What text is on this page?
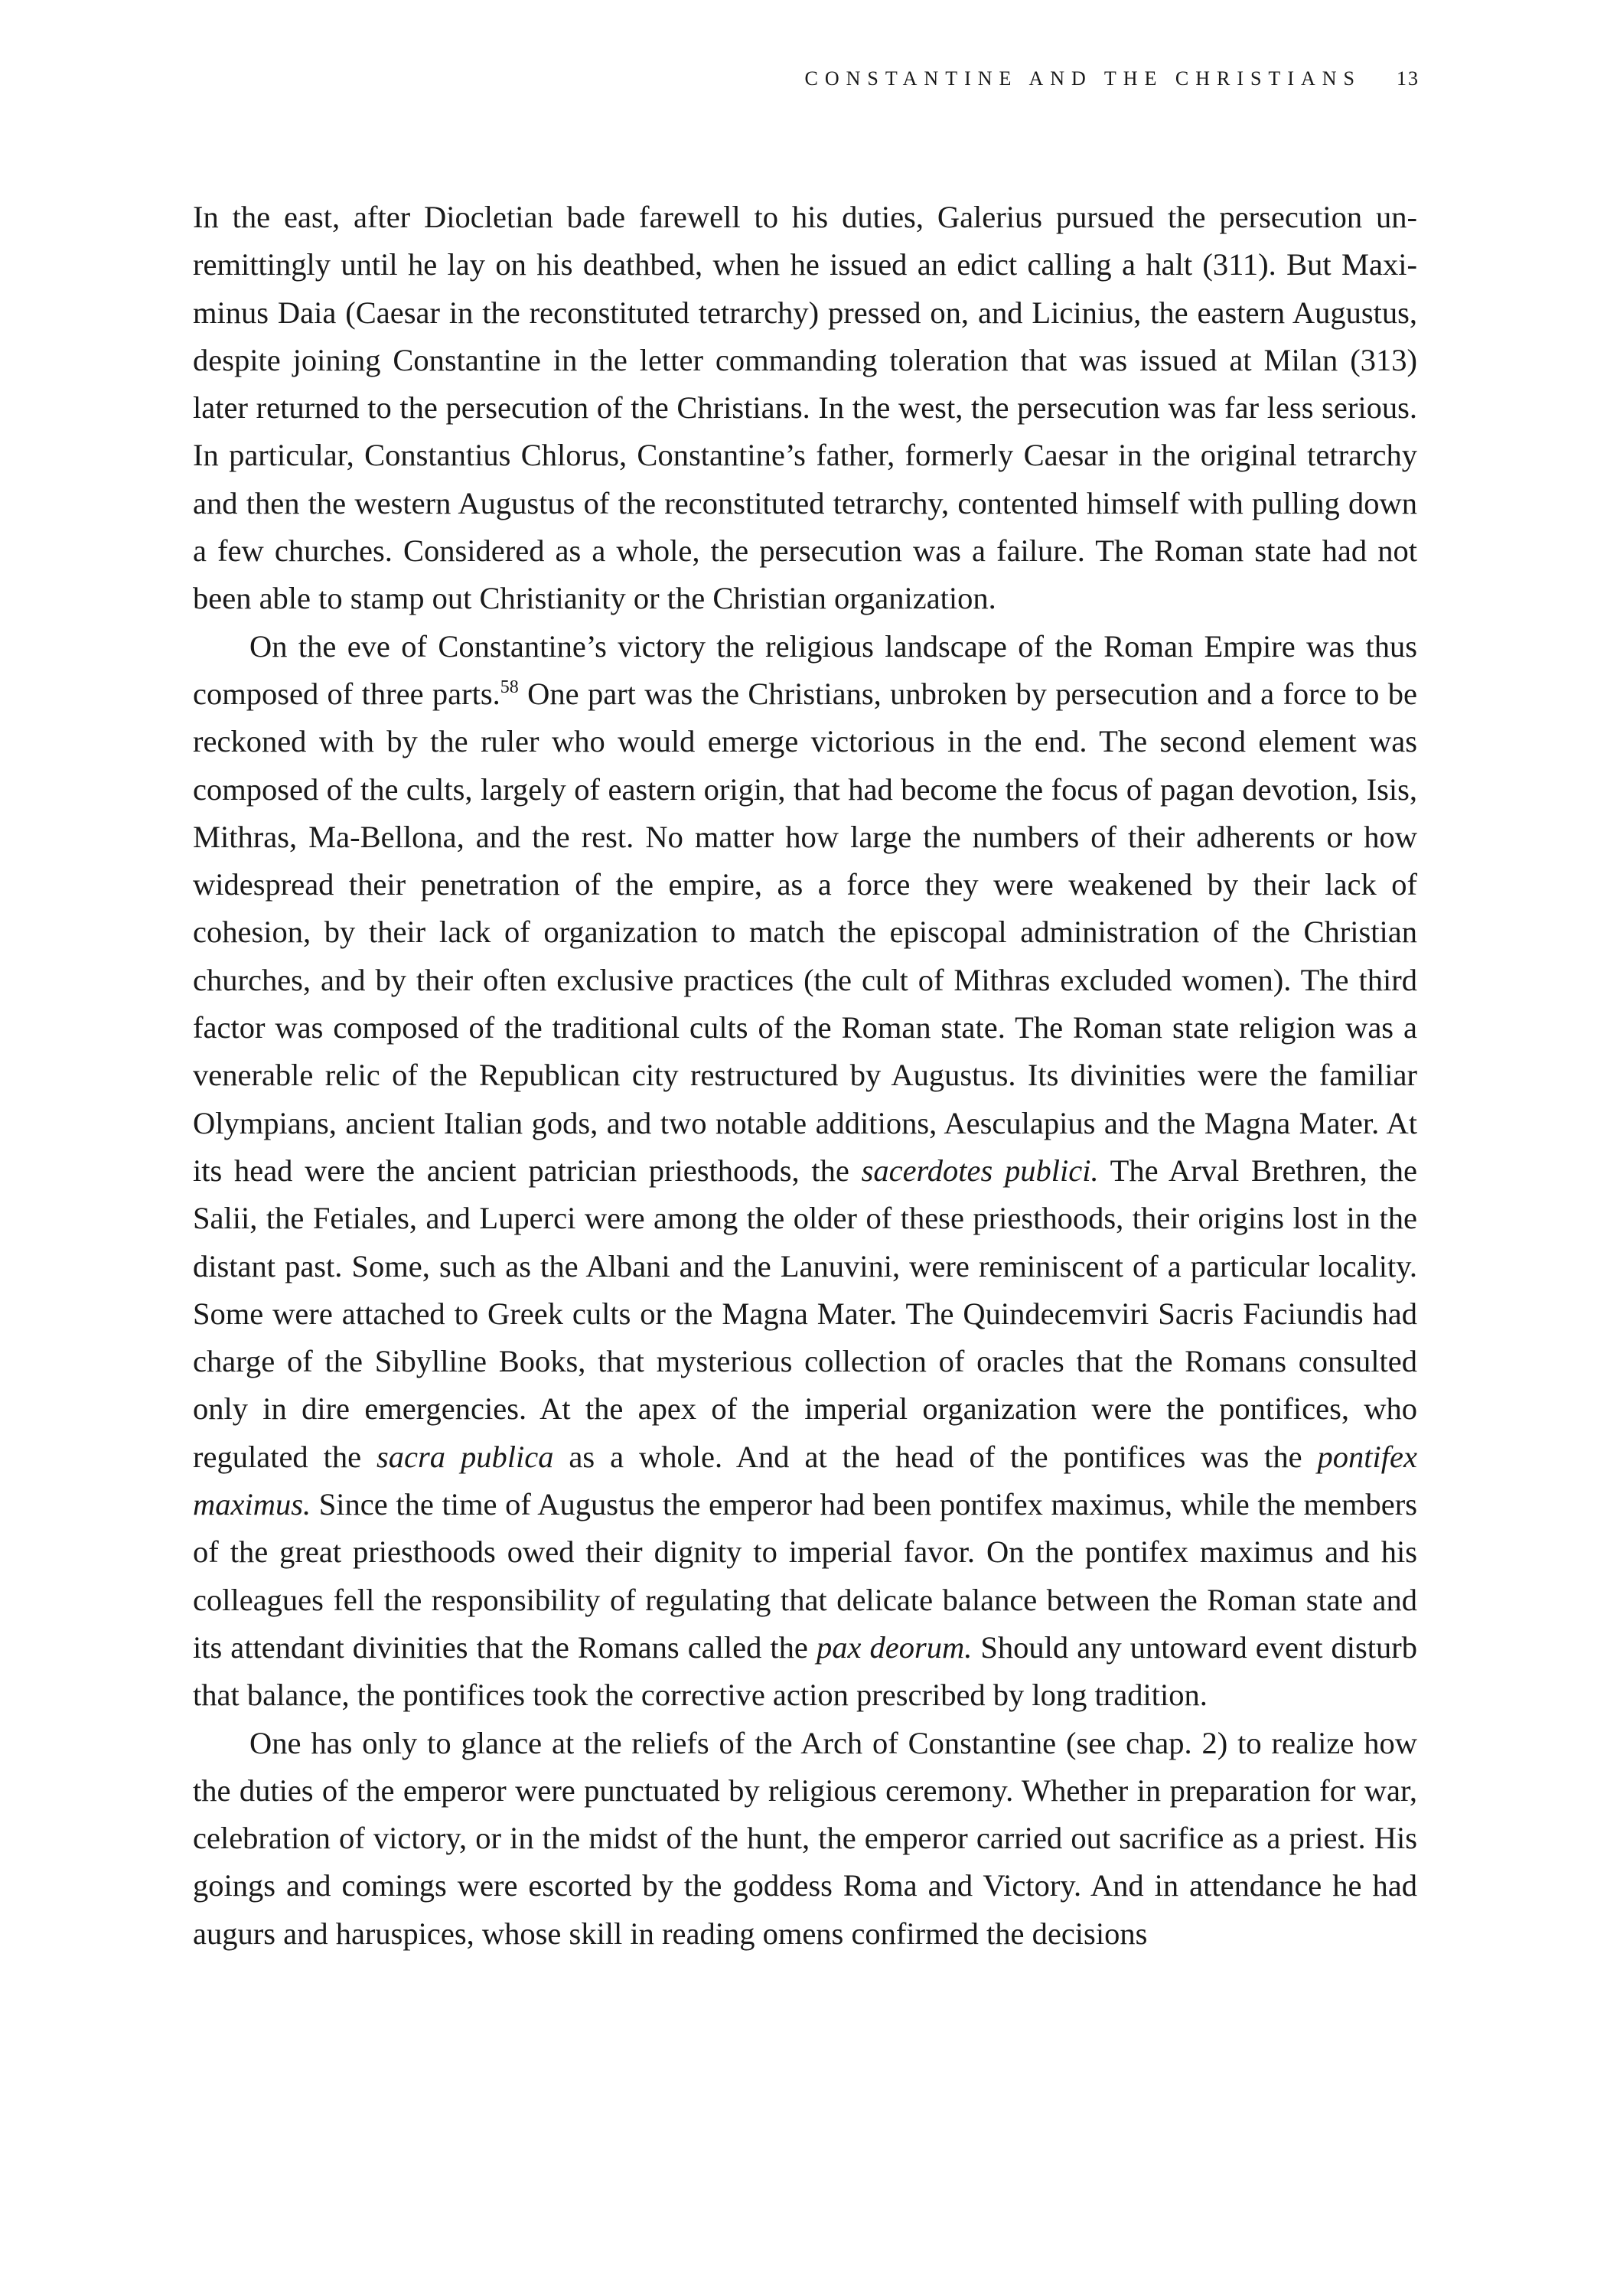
CONSTANTINE AND THE CHRISTIANS 13

In the east, after Diocletian bade farewell to his duties, Galerius pursued the persecution unremittingly until he lay on his deathbed, when he issued an edict calling a halt (311). But Maximinus Daia (Caesar in the reconstituted tetrarchy) pressed on, and Licinius, the eastern Augustus, despite joining Constantine in the letter commanding toleration that was issued at Milan (313) later returned to the persecution of the Christians. In the west, the persecution was far less serious. In particular, Constantius Chlorus, Constantine’s father, formerly Caesar in the original tetrarchy and then the western Augustus of the reconstituted tetrarchy, contented himself with pulling down a few churches. Considered as a whole, the persecution was a failure. The Roman state had not been able to stamp out Christianity or the Christian organization.

On the eve of Constantine’s victory the religious landscape of the Roman Empire was thus composed of three parts.$^{58}$ One part was the Christians, unbroken by persecution and a force to be reckoned with by the ruler who would emerge victorious in the end. The second element was composed of the cults, largely of eastern origin, that had become the focus of pagan devotion, Isis, Mithras, Ma-Bellona, and the rest. No matter how large the numbers of their adherents or how widespread their penetration of the empire, as a force they were weakened by their lack of cohesion, by their lack of organization to match the episcopal administration of the Christian churches, and by their often exclusive practices (the cult of Mithras excluded women). The third factor was composed of the traditional cults of the Roman state. The Roman state religion was a venerable relic of the Republican city restructured by Augustus. Its divinities were the familiar Olympians, ancient Italian gods, and two notable additions, Aesculapius and the Magna Mater. At its head were the ancient patrician priesthoods, the sacerdotes publici. The Arval Brethren, the Salii, the Fetiales, and Luperci were among the older of these priesthoods, their origins lost in the distant past. Some, such as the Albani and the Lanuvini, were reminiscent of a particular locality. Some were attached to Greek cults or the Magna Mater. The Quindecemviri Sacris Faciundis had charge of the Sibylline Books, that mysterious collection of oracles that the Romans consulted only in dire emergencies. At the apex of the imperial organization were the pontifices, who regulated the sacra publica as a whole. And at the head of the pontifices was the pontifex maximus. Since the time of Augustus the emperor had been pontifex maximus, while the members of the great priesthoods owed their dignity to imperial favor. On the pontifex maximus and his colleagues fell the responsibility of regulating that delicate balance between the Roman state and its attendant divinities that the Romans called the pax deorum. Should any untoward event disturb that balance, the pontifices took the corrective action prescribed by long tradition.

One has only to glance at the reliefs of the Arch of Constantine (see chap. 2) to realize how the duties of the emperor were punctuated by religious ceremony. Whether in preparation for war, celebration of victory, or in the midst of the hunt, the emperor carried out sacrifice as a priest. His goings and comings were escorted by the goddess Roma and Victory. And in attendance he had augurs and haruspices, whose skill in reading omens confirmed the decisions
